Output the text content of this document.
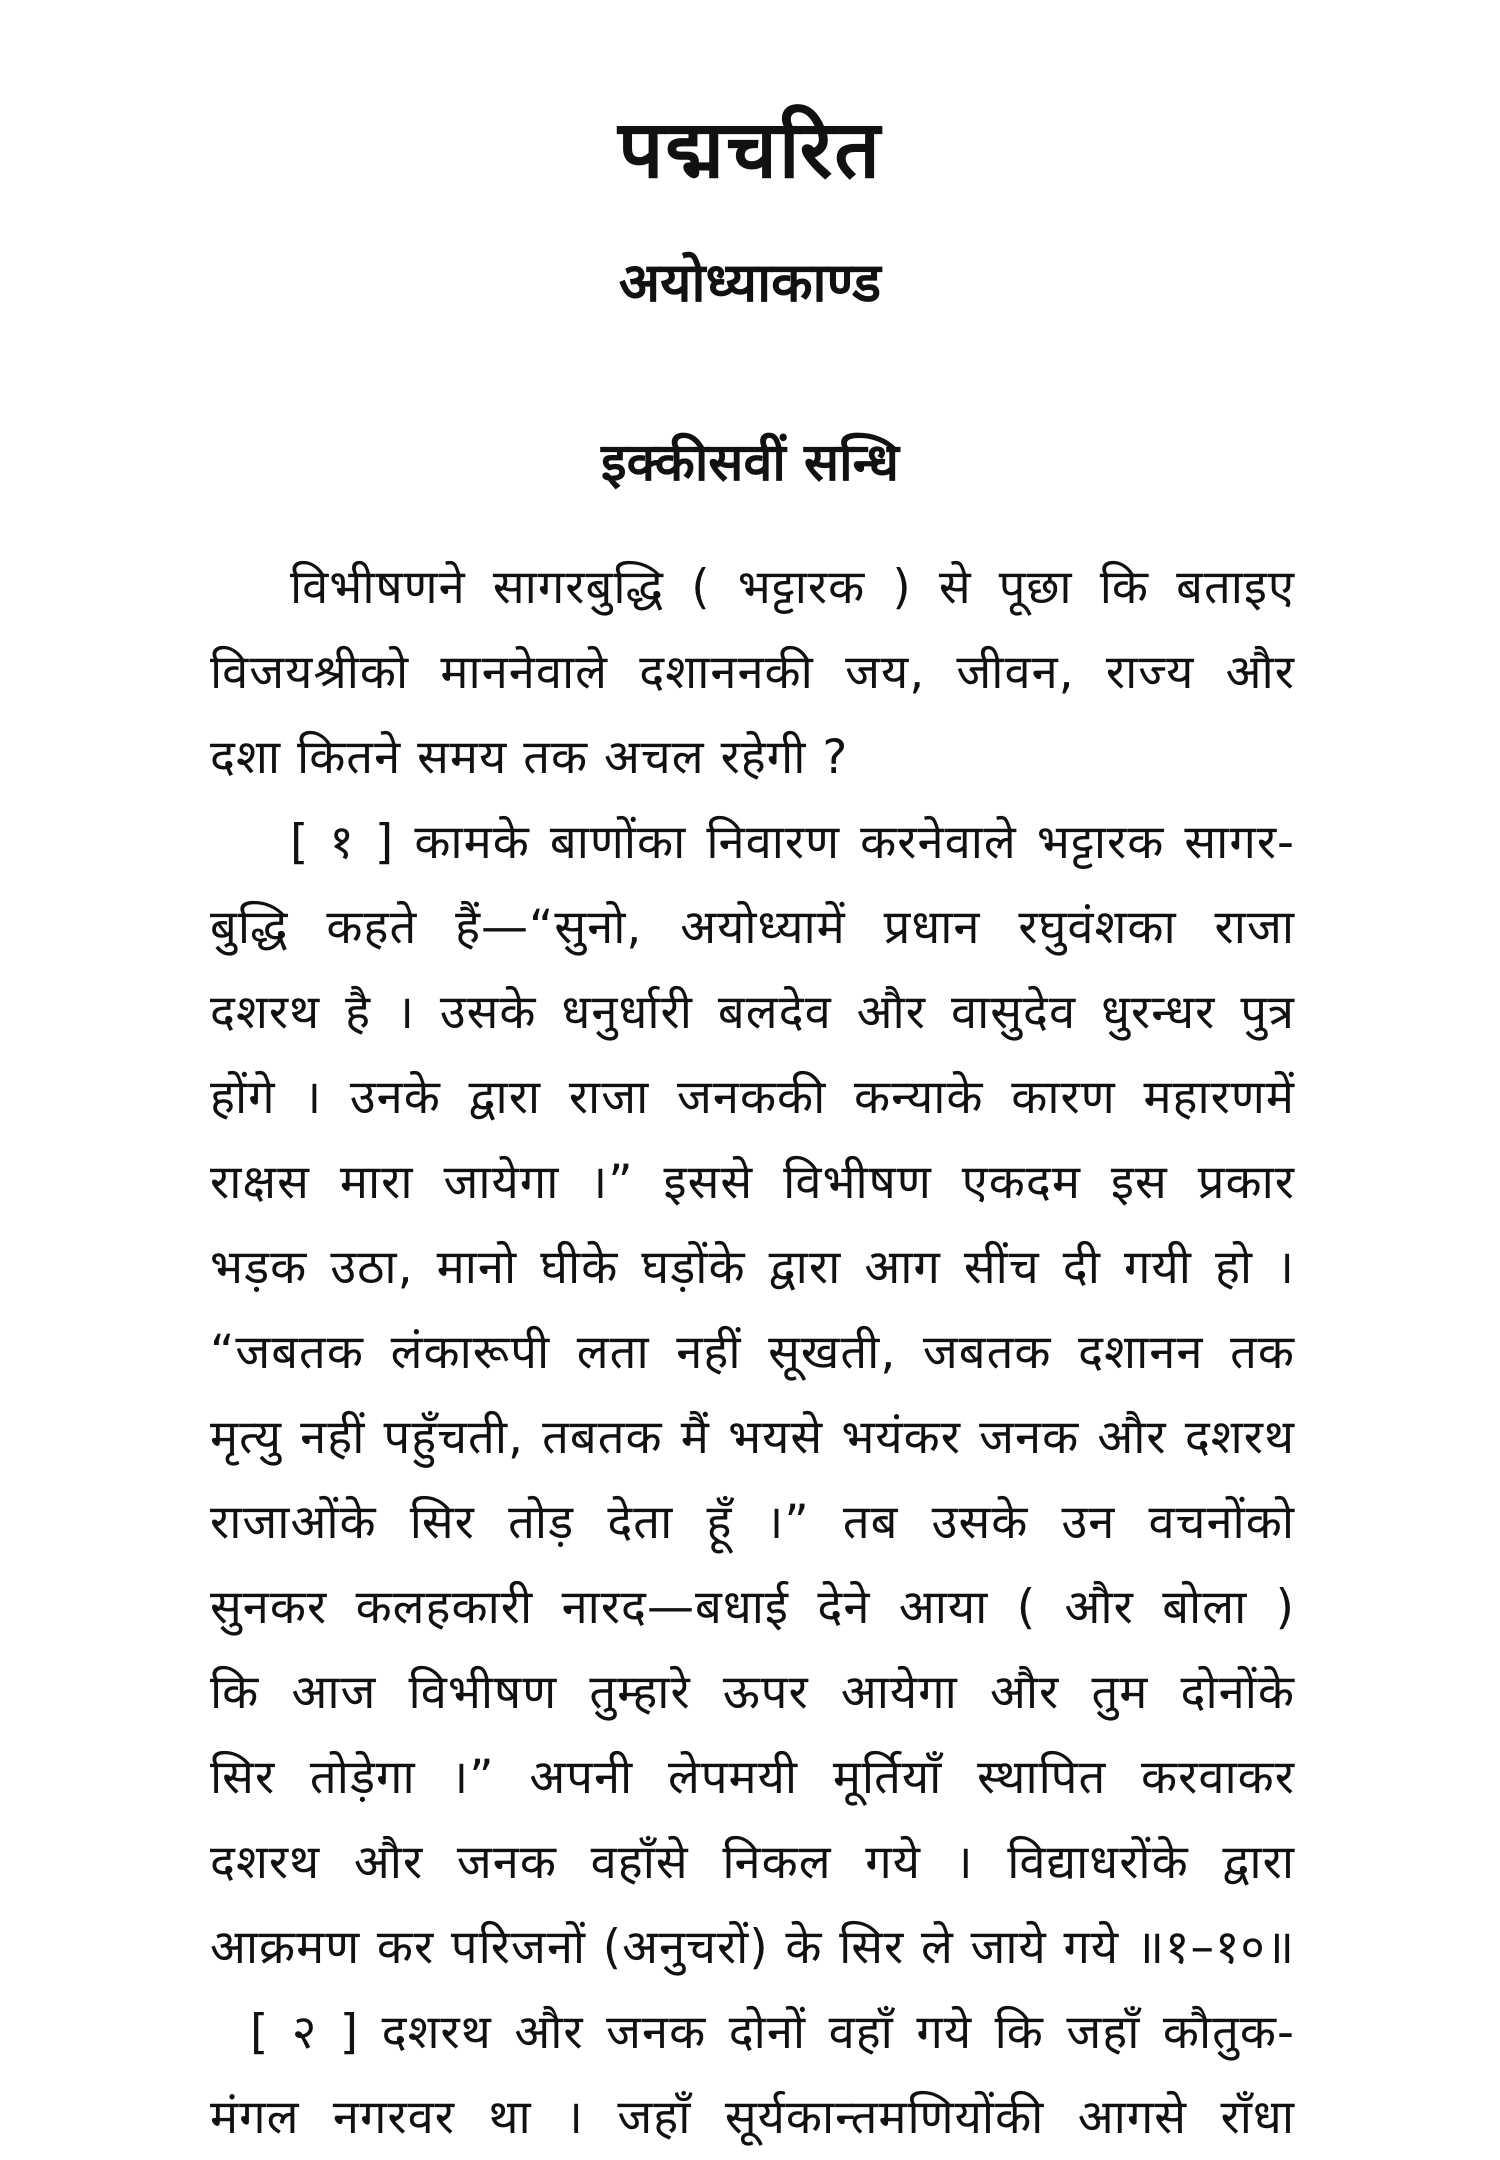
पद्मचरित
अयोध्याकाण्ड
इक्कीसवीं सन्धि
विभीषणने सागरबुद्धि ( भट्टारक ) से पूछा कि बताइए
विजयश्रीको माननेवाले दशाननकी जय, जीवन, राज्य और
दशा कितने समय तक अचल रहेगी ?
[ १ ] कामके बाणोंका निवारण करनेवाले भट्टारक सागर-
बुद्धि कहते हैं—“सुनो, अयोध्यामें प्रधान रघुवंशका राजा
दशरथ है । उसके धनुर्धारी बलदेव और वासुदेव धुरन्धर पुत्र
होंगे । उनके द्वारा राजा जनककी कन्याके कारण महारणमें
राक्षस मारा जायेगा ।” इससे विभीषण एकदम इस प्रकार
भड़क उठा, मानो घीके घड़ोंके द्वारा आग सींच दी गयी हो ।
“जबतक लंकारूपी लता नहीं सूखती, जबतक दशानन तक
मृत्यु नहीं पहुँचती, तबतक मैं भयसे भयंकर जनक और दशरथ
राजाओंके सिर तोड़ देता हूँ ।” तब उसके उन वचनोंको
सुनकर कलहकारी नारद—बधाई देने आया ( और बोला )
कि आज विभीषण तुम्हारे ऊपर आयेगा और तुम दोनोंके
सिर तोड़ेगा ।” अपनी लेपमयी मूर्तियाँ स्थापित करवाकर
दशरथ और जनक वहाँसे निकल गये । विद्याधरोंके द्वारा
आक्रमण कर परिजनों (अनुचरों) के सिर ले जाये गये ॥१–१०॥
[ २ ] दशरथ और जनक दोनों वहाँ गये कि जहाँ कौतुक-
मंगल नगरवर था । जहाँ सूर्यकान्तमणियोंकी आगसे राँधा
